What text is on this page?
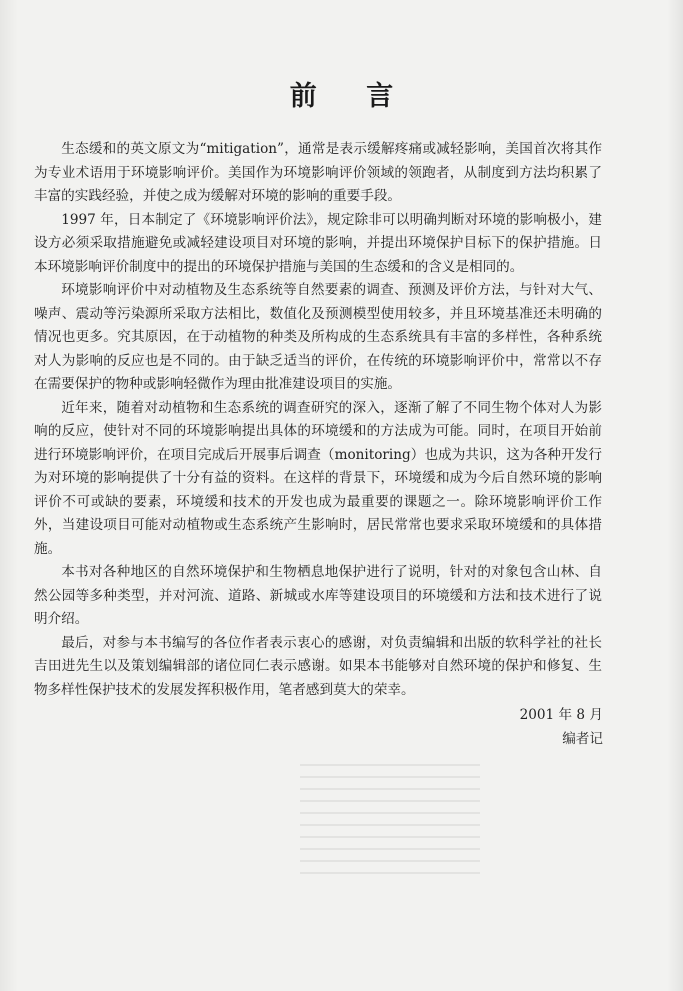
前 言

生态缓和的英文原文为“mitigation”，通常是表示缓解疼痛或减轻影响，美国首次将其作为专业术语用于环境影响评价。美国作为环境影响评价领域的领跑者，从制度到方法均积累了丰富的实践经验，并使之成为缓解对环境的影响的重要手段。

1997 年，日本制定了《环境影响评价法》，规定除非可以明确判断对环境的影响极小，建设方必须采取措施避免或减轻建设项目对环境的影响，并提出环境保护目标下的保护措施。日本环境影响评价制度中的提出的环境保护措施与美国的生态缓和的含义是相同的。

环境影响评价中对动植物及生态系统等自然要素的调查、预测及评价方法，与针对大气、噪声、震动等污染源所采取方法相比，数值化及预测模型使用较多，并且环境基准还未明确的情况也更多。究其原因，在于动植物的种类及所构成的生态系统具有丰富的多样性，各种系统对人为影响的反应也是不同的。由于缺乏适当的评价，在传统的环境影响评价中，常常以不存在需要保护的物种或影响轻微作为理由批准建设项目的实施。

近年来，随着对动植物和生态系统的调查研究的深入，逐渐了解了不同生物个体对人为影响的反应，使针对不同的环境影响提出具体的环境缓和的方法成为可能。同时，在项目开始前进行环境影响评价，在项目完成后开展事后调查（monitoring）也成为共识，这为各种开发行为对环境的影响提供了十分有益的资料。在这样的背景下，环境缓和成为今后自然环境的影响评价不可或缺的要素，环境缓和技术的开发也成为最重要的课题之一。除环境影响评价工作外，当建设项目可能对动植物或生态系统产生影响时，居民常常也要求采取环境缓和的具体措施。

本书对各种地区的自然环境保护和生物栖息地保护进行了说明，针对的对象包含山林、自然公园等多种类型，并对河流、道路、新城或水库等建设项目的环境缓和方法和技术进行了说明介绍。

最后，对参与本书编写的各位作者表示衷心的感谢，对负责编辑和出版的软科学社的社长吉田进先生以及策划编辑部的诸位同仁表示感谢。如果本书能够对自然环境的保护和修复、生物多样性保护技术的发展发挥积极作用，笔者感到莫大的荣幸。

2001 年 8 月
编者记
